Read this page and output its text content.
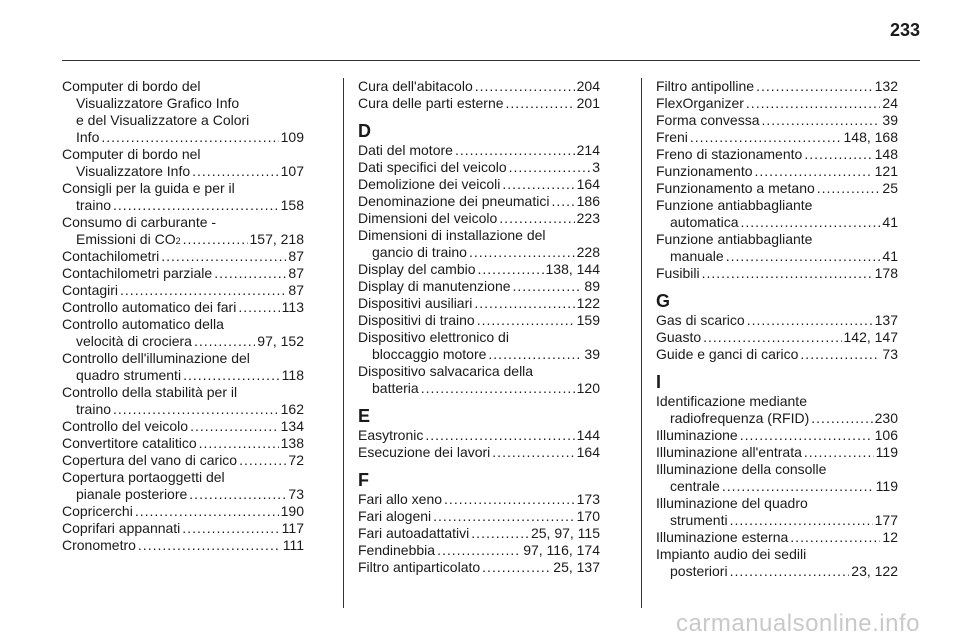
233
Computer di bordo del
Visualizzatore Grafico Info
e del Visualizzatore a Colori
Info .....	109
Computer di bordo nel
Visualizzatore Info .....	107
Consigli per la guida e per il
traino .....	158
Consumo di carburante -
Emissioni di CO 2 .....	157, 218
Contachilometri .....	87
Contachilometri parziale .....	87
Contagiri .....	87
Controllo automatico dei fari .....	113
Controllo automatico della
velocità di crociera .....	97, 152
Controllo dell'illuminazione del
quadro strumenti .....	118
Controllo della stabilità per il
traino .....	162
Controllo del veicolo .....	134
Convertitore catalitico .....	138
Copertura del vano di carico .....	72
Copertura portaoggetti del
pianale posteriore .....	73
Copricerchi .....	190
Coprifari appannati .....	117
Cronometro .....	111
Cura dell'abitacolo .....	204
Cura delle parti esterne .....	201
D
Dati del motore .....	214
Dati specifici del veicolo .....	3
Demolizione dei veicoli .....	164
Denominazione dei pneumatici ..... 186
Dimensioni del veicolo .....	223
Dimensioni di installazione del
gancio di traino .....	228
Display del cambio .....	138, 144
Display di manutenzione .....	89
Dispositivi ausiliari .....	122
Dispositivi di traino .....	159
Dispositivo elettronico di
bloccaggio motore .....	39
Dispositivo salvacarica della
batteria .....	120
E
Easytronic .....	144
Esecuzione dei lavori .....	164
F
Fari allo xeno .....	173
Fari alogeni .....	170
Fari autoadattativi .....	25, 97, 115
Fendinebbia .....	97, 116, 174
Filtro antiparticolato .....	25, 137
Filtro antipolline .....	132
FlexOrganizer .....	24
Forma convessa .....	39
Freni .....	148, 168
Freno di stazionamento .....	148
Funzionamento .....	121
Funzionamento a metano .....	25
Funzione antiabbagliante
automatica .....	41
Funzione antiabbagliante
manuale .....	41
Fusibili .....	178
G
Gas di scarico .....	137
Guasto .....	142, 147
Guide e ganci di carico .....	73
I
Identificazione mediante
radiofrequenza (RFID) .....	230
Illuminazione .....	106
Illuminazione all'entrata .....	119
Illuminazione della consolle
centrale .....	119
Illuminazione del quadro
strumenti .....	177
Illuminazione esterna .....	12
Impianto audio dei sedili
posteriori .....	23, 122
carmanualsonline.info
